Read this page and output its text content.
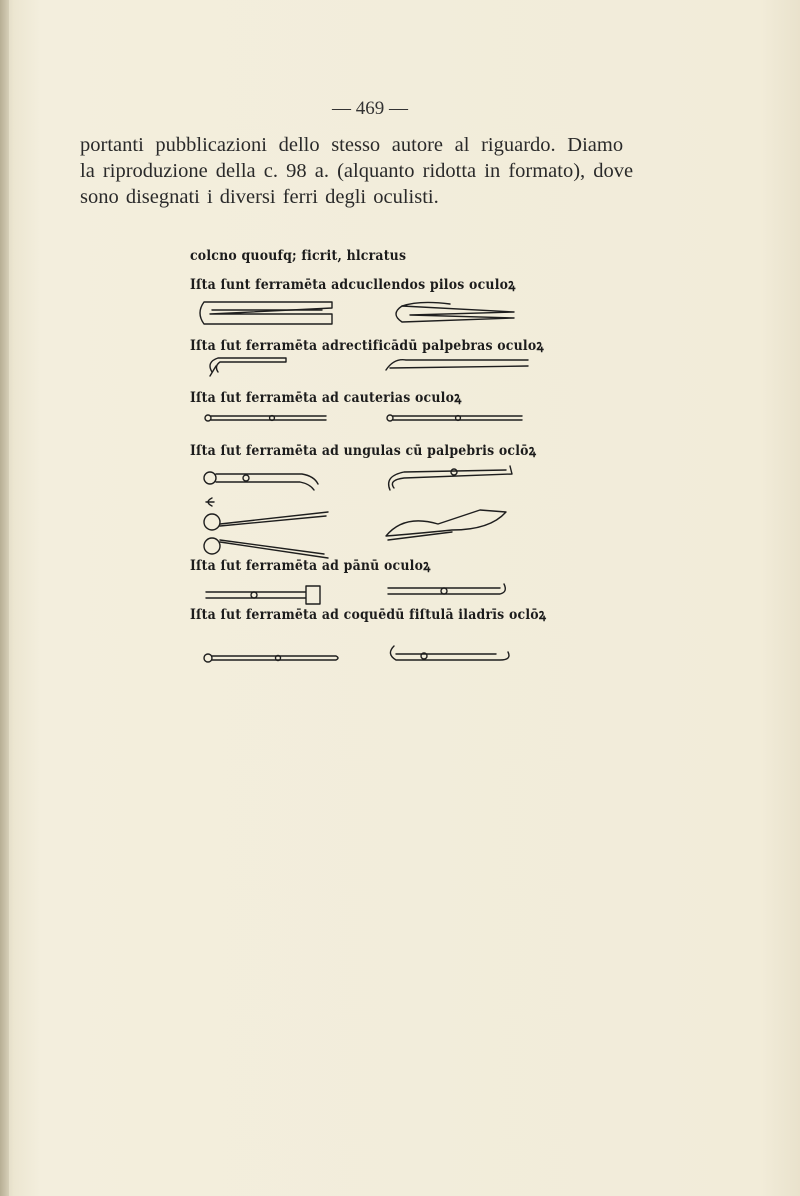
— 469 —

portanti pubblicazioni dello stesso autore al riguardo. Diamo
la riproduzione della c. 98 a. (alquanto ridotta in formato), dove
sono disegnati i diversi ferri degli oculisti.

colcno quoufq; ficrit, hlcratus
Iſta ſunt ferramēta adcucllendos pilos oculoꝝ
Iſta ſut ferramēta adrectificādū palpebras oculoꝝ
Iſta ſut ferramēta ad cauterias oculoꝝ
Iſta ſut ferramēta ad ungulas cū palpebris oclōꝝ
Iſta ſut ferramēta ad pānū oculoꝝ
Iſta ſut ferramēta ad coquēdū fiſtulā iladrīs oclōꝝ
